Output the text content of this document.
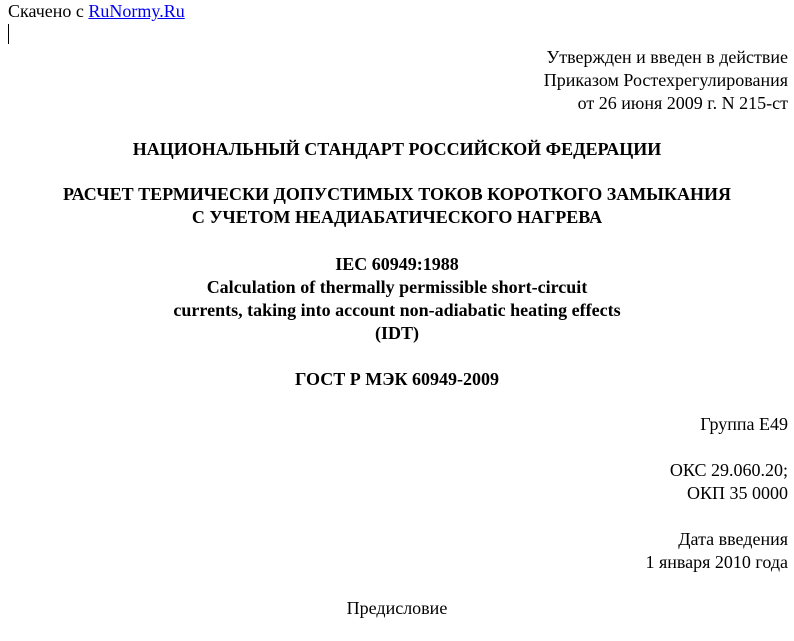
Скачено с RuNormy.Ru
Утвержден и введен в действие
Приказом Ростехрегулирования
от 26 июня 2009 г. N 215-ст
НАЦИОНАЛЬНЫЙ СТАНДАРТ РОССИЙСКОЙ ФЕДЕРАЦИИ
РАСЧЕТ ТЕРМИЧЕСКИ ДОПУСТИМЫХ ТОКОВ КОРОТКОГО ЗАМЫКАНИЯ
С УЧЕТОМ НЕАДИАБАТИЧЕСКОГО НАГРЕВА
IEC 60949:1988
Calculation of thermally permissible short-circuit
currents, taking into account non-adiabatic heating effects
(IDT)
ГОСТ Р МЭК 60949-2009
Группа Е49
ОКС 29.060.20;
ОКП 35 0000
Дата введения
1 января 2010 года
Предисловие
